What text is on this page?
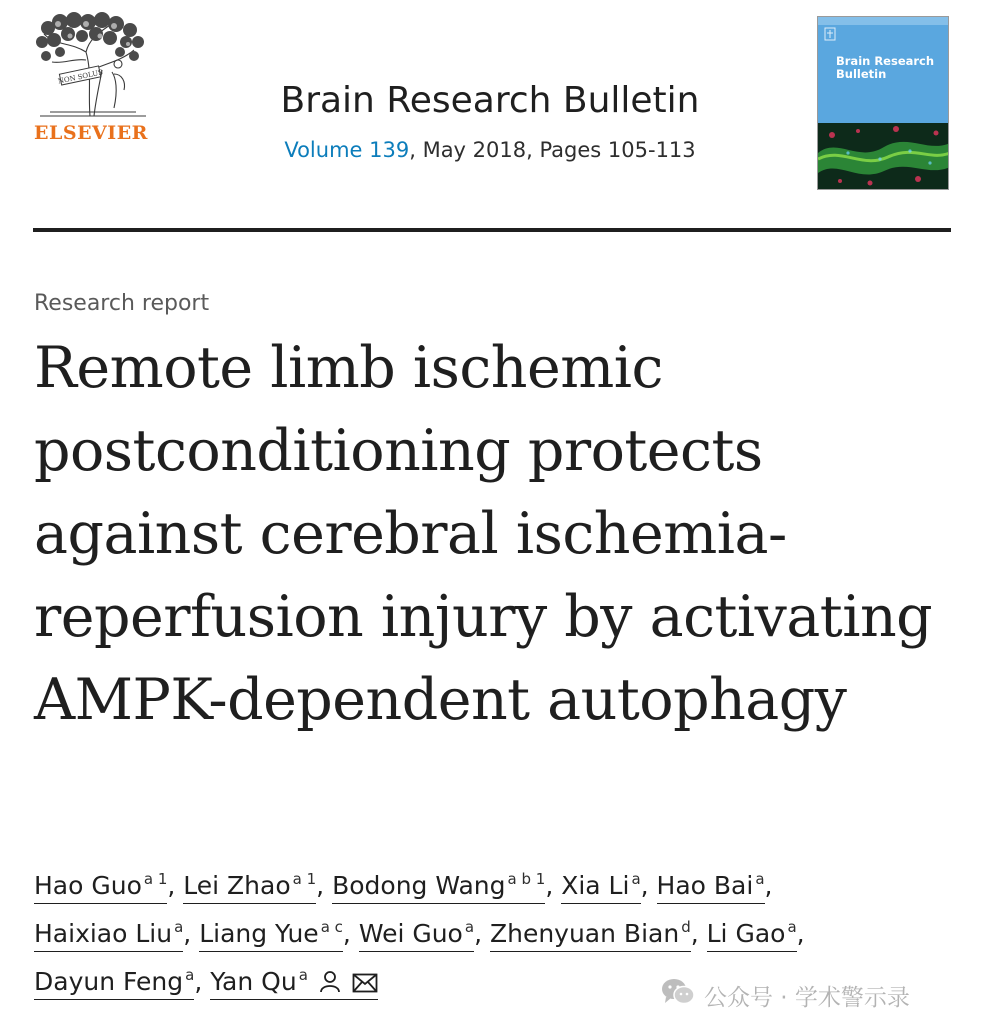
NON SOLUS
ELSEVIER
Brain Research Bulletin
Volume 139, May 2018, Pages 105-113
Brain Research Bulletin
Research report
Remote limb ischemic postconditioning protects against cerebral ischemia-reperfusion injury by activating AMPK-dependent autophagy
Hao Guo $^{a 1}$, Lei Zhao $^{a 1}$, Bodong Wang $^{a b 1}$, Xia Li $^a$, Hao Bai $^a$,
Haixiao Liu $^a$, Liang Yue $^{a c}$, Wei Guo $^a$, Zhenyuan Bian $^d$, Li Gao $^a$,
Dayun Feng $^a$, Yan Qu $^a$
公众号 · 学术警示录
